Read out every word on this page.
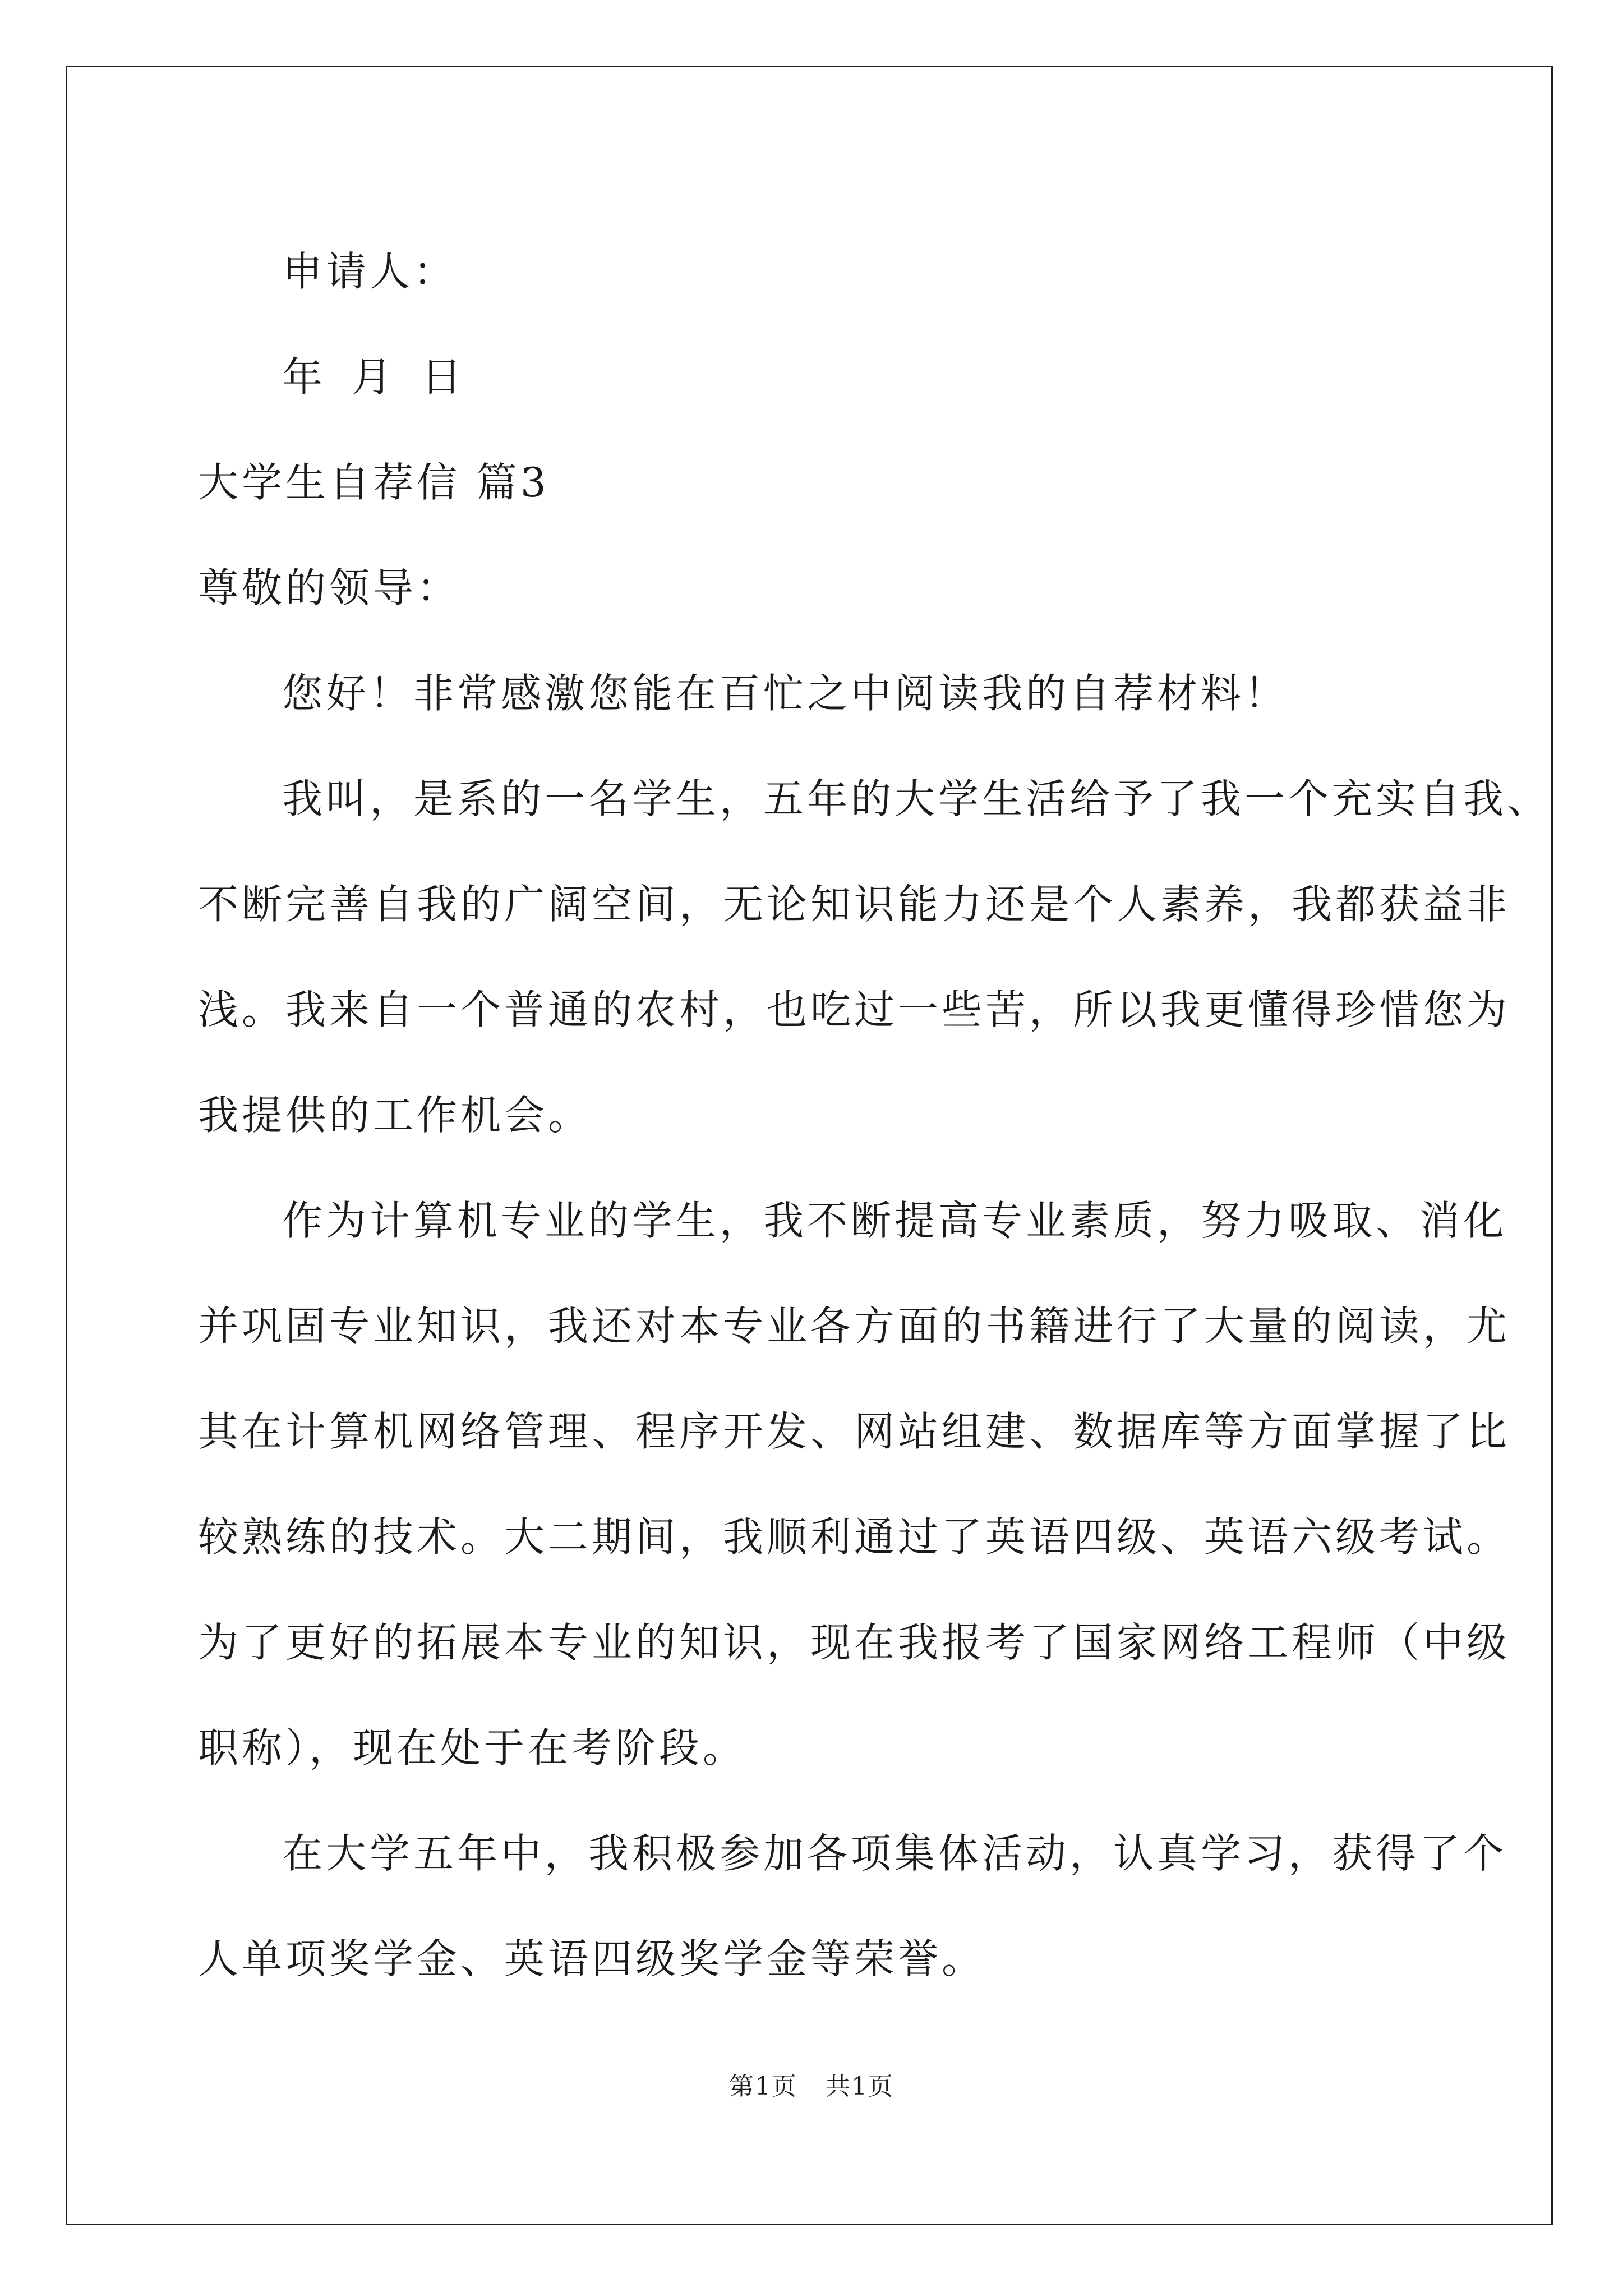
申请人：
年 月 日
大学生自荐信 篇3
尊敬的领导：
您好！非常感激您能在百忙之中阅读我的自荐材料！
我叫，是系的一名学生，五年的大学生活给予了我一个充实自我、
不断完善自我的广阔空间，无论知识能力还是个人素养，我都获益非
浅。我来自一个普通的农村，也吃过一些苦，所以我更懂得珍惜您为
我提供的工作机会。
作为计算机专业的学生，我不断提高专业素质，努力吸取、消化
并巩固专业知识，我还对本专业各方面的书籍进行了大量的阅读，尤
其在计算机网络管理、程序开发、网站组建、数据库等方面掌握了比
较熟练的技术。大二期间，我顺利通过了英语四级、英语六级考试。
为了更好的拓展本专业的知识，现在我报考了国家网络工程师（中级
职称），现在处于在考阶段。
在大学五年中，我积极参加各项集体活动，认真学习，获得了个
人单项奖学金、英语四级奖学金等荣誉。
第1页 共1页
